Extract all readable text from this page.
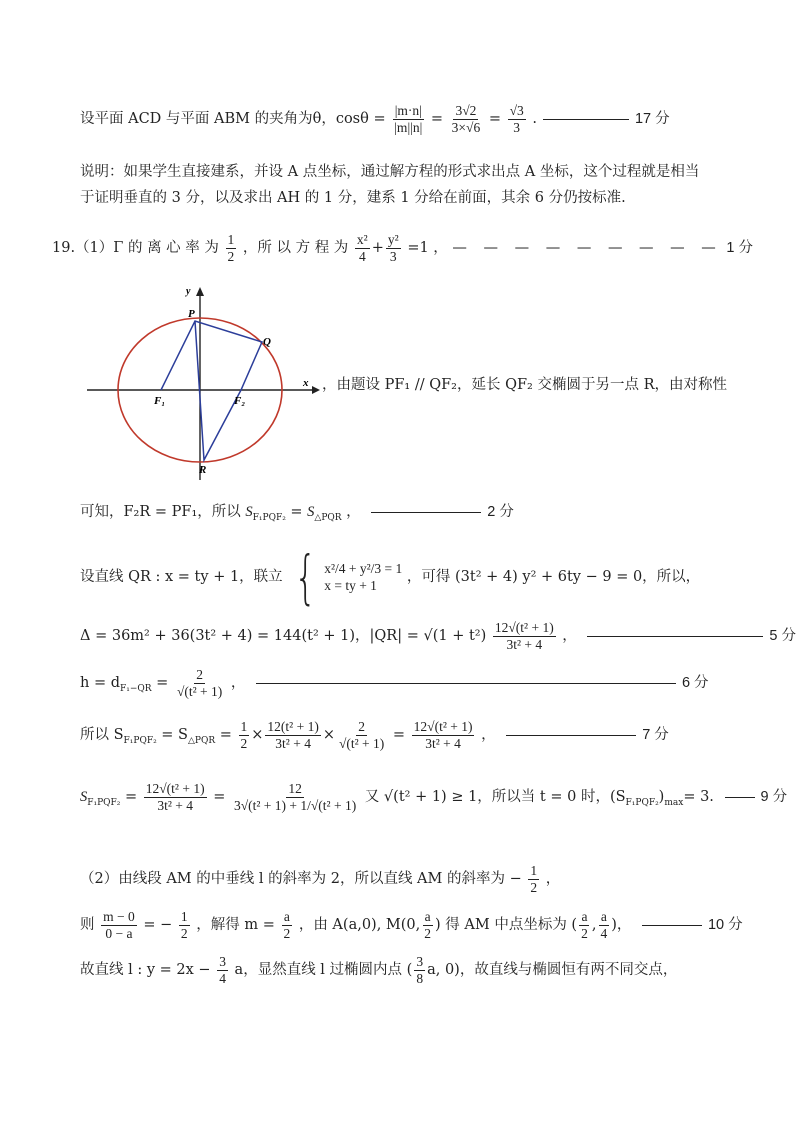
设平面 ACD 与平面 ABM 的夹角为θ，$\cos\theta = \frac{|m\cdot n|}{|m||n|} = \frac{3√2}{3\times√6} = \frac{√3}{3}$ .	17 分
说明：如果学生直接建系，并设 A 点坐标，通过解方程的形式求出点 A 坐标，这个过程就是相当
于证明垂直的 3 分，以及求出 AH 的 1 分，建系 1 分给在前面，其余 6 分仍按标准.
19.（1）Γ 的 离 心 率 为 $\frac{1}{2}$ ，所 以 方 程 为 $\frac{\text{x²}}{4} + \frac{\text{y²}}{3} =1$ ， — — — — — — — — — 1 分
y
x
P
Q
F₁	F₂
R
，由题设 PF₁ // QF₂，延长 QF₂ 交椭圆于另一点 R，由对称性
可知，F₂R = PF₁，所以 $S_{F_1PQF_2} = S_{\triangle PQR}$ ，	2 分
设直线 QR : x = ty + 1，联立 { x²/4 + y²/3 = 1
x = ty + 1	，可得 (3t² + 4) y² + 6ty − 9 = 0，所以，
Δ = 36m² + 36(3t² + 4) = 144(t² + 1)，$|QR| = √(1 + t^2) \frac{\text{12√(t² + 1)}}{\text{3t² + 4}}$ ，	5 分
$h = d_{F_1-QR} = \frac{2}{\text{√(t² + 1)}}$ ，	6 分
所以 $S_{F_1PQF_2} = S_{\triangle PQR} = \frac{1}{2} \times \frac{\text{12(t² + 1)}}{\text{3t² + 4}} \times \frac{2}{\text{√(t² + 1)}} = \frac{\text{12√(t² + 1)}}{\text{3t² + 4}}$ ，	7 分
$S_{F_1PQF_2} = \frac{\text{12√(t² + 1)}}{\text{3t² + 4}} = \frac{12}{\text{3√(t² + 1) + 1/√(t² + 1)}}$ 又 √(t² + 1) ≥ 1，所以当 t = 0 时，$(S_{F_1PQF_2})_{max}= 3$.	9 分
（2）由线段 AM 的中垂线 l 的斜率为 2，所以直线 AM 的斜率为 − $\frac{1}{2}$ ，
则 $\frac{m - 0}{0 - a}$ = − $\frac{1}{2}$ ，解得 $m = \frac{a}{2}$ ，由 A(a,0), M(0, $\frac{a}{2}$ ) 得 AM 中点坐标为 ( $\frac{a}{2}$ , $\frac{a}{4}$ )，	10 分
故直线 l : $y = 2x - \frac{3}{4}$ a，显然直线 l 过椭圆内点 ( $\frac{3}{8} a$, 0)，故直线与椭圆恒有两不同交点，
